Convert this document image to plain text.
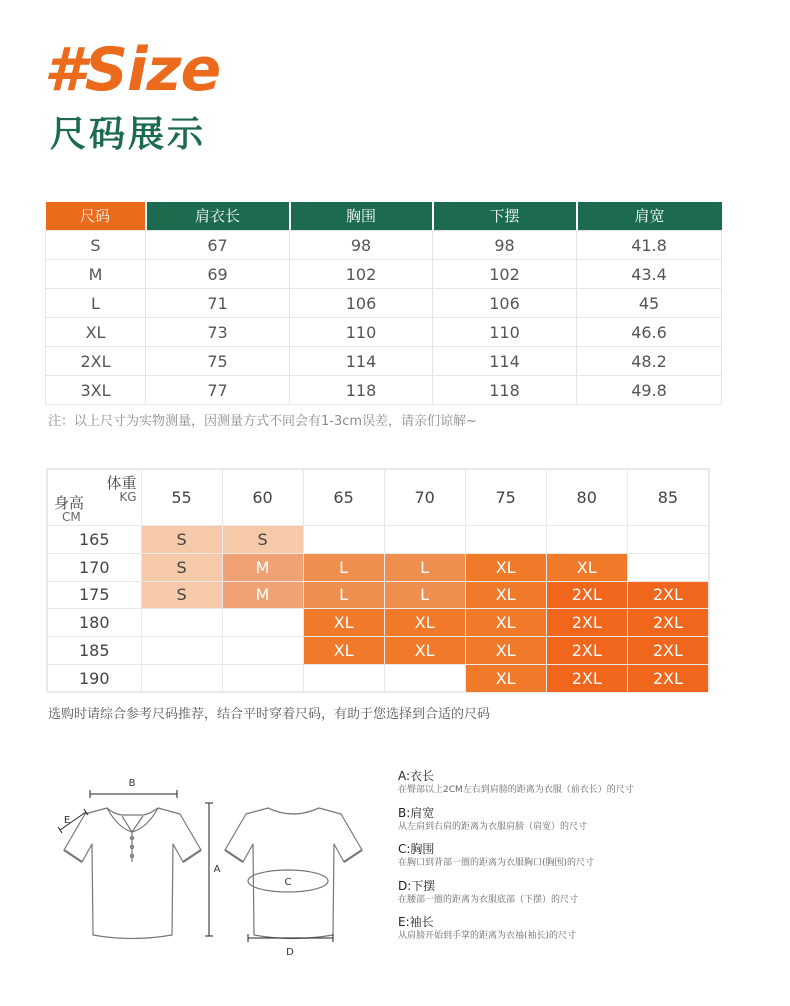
#Size
尺码展示
尺码	肩衣长	胸围	下摆	肩宽
S	67	98	98	41.8
M	69	102	102	43.4
L	71	106	106	45
XL	73	110	110	46.6
2XL	75	114	114	48.2
3XL	77	118	118	49.8
注：以上尺寸为实物测量，因测量方式不同会有1-3cm误差，请亲们谅解~
体重
KG
身高
CM	55	60	65	70	75	80	85
165	S	S					
170	S	M	L	L	XL	XL	
175	S	M	L	L	XL	2XL	2XL
180			XL	XL	XL	2XL	2XL
185			XL	XL	XL	2XL	2XL
190					XL	2XL	2XL
选购时请综合参考尺码推荐，结合平时穿着尺码，有助于您选择到合适的尺码
B
E
A
C
D
A:衣长
在臀部以上2CM左右到肩膀的距离为衣服（前衣长）的尺寸
B:肩宽
从左肩到右肩的距离为衣服肩膀（肩宽）的尺寸
C:胸围
在胸口到背部一圈的距离为衣服胸口(胸围)的尺寸
D:下摆
在腰部一圈的距离为衣服底部（下摆）的尺寸
E:袖长
从肩膀开始到手掌的距离为衣袖(袖长)的尺寸
